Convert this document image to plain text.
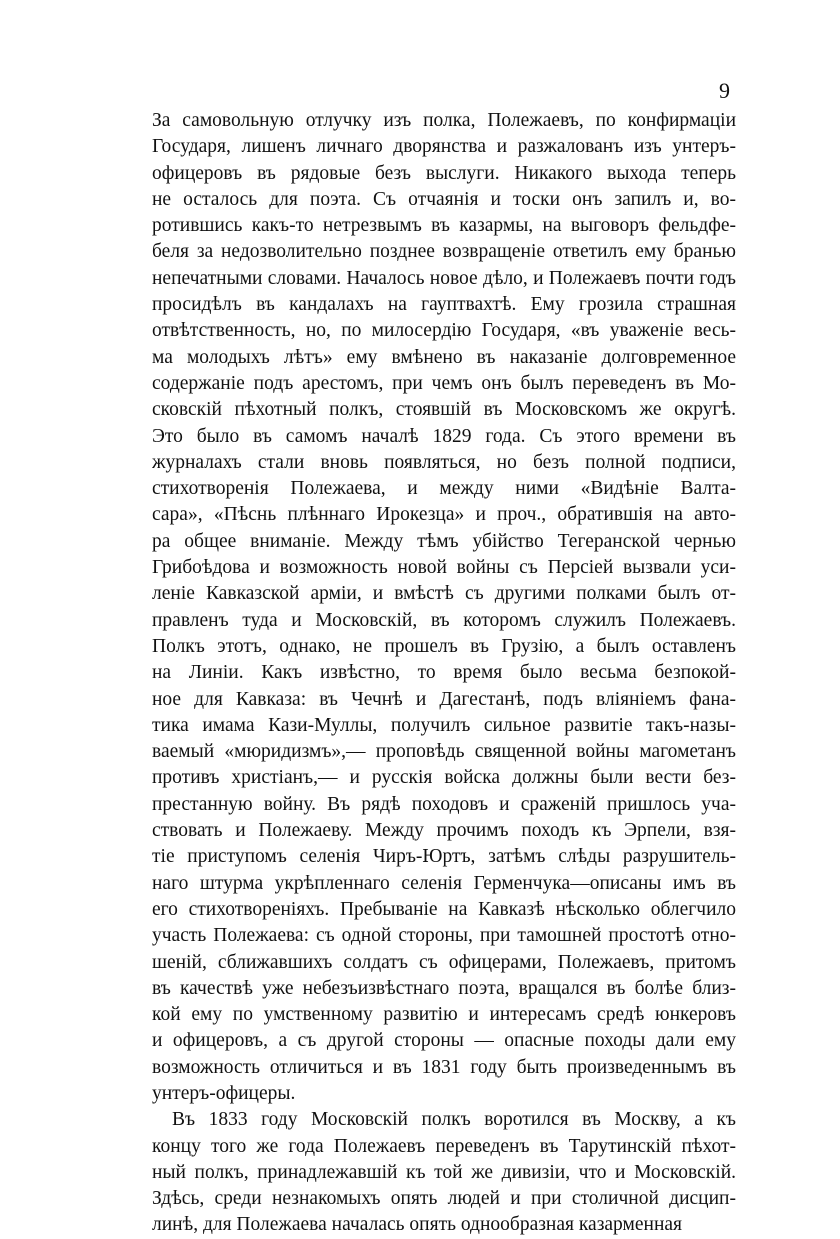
9
За самовольную отлучку изъ полка, Полежаевъ, по конфирмаціи
Государя, лишенъ личнаго дворянства и разжалованъ изъ унтеръ-
офицеровъ въ рядовые безъ выслуги. Никакого выхода теперь
не осталось для поэта. Съ отчаянія и тоски онъ запилъ и, во-
ротившись какъ-то нетрезвымъ въ казармы, на выговоръ фельдфе-
беля за недозволительно позднее возвращеніе ответилъ ему бранью
непечатными словами. Началось новое дѣло, и Полежаевъ почти годъ
просидѣлъ въ кандалахъ на гауптвахтѣ. Ему грозила страшная
отвѣтственность, но, по милосердію Государя, «въ уваженіе весь-
ма молодыхъ лѣтъ» ему вмѣнено въ наказаніе долговременное
содержаніе подъ арестомъ, при чемъ онъ былъ переведенъ въ Мо-
сковскій пѣхотный полкъ, стоявшій въ Московскомъ же округѣ.
Это было въ самомъ началѣ 1829 года. Съ этого времени въ
журналахъ стали вновь появляться, но безъ полной подписи,
стихотворенія Полежаева, и между ними «Видѣніе Валта-
сара», «Пѣснь плѣннаго Ирокезца» и проч., обратившія на авто-
ра общее вниманіе. Между тѣмъ убійство Тегеранской чернью
Грибоѣдова и возможность новой войны съ Персіей вызвали уси-
леніе Кавказской арміи, и вмѣстѣ съ другими полками былъ от-
правленъ туда и Московскій, въ которомъ служилъ Полежаевъ.
Полкъ этотъ, однако, не прошелъ въ Грузію, а былъ оставленъ
на Линіи. Какъ извѣстно, то время было весьма безпокой-
ное для Кавказа: въ Чечнѣ и Дагестанѣ, подъ вліяніемъ фана-
тика имама Кази-Муллы, получилъ сильное развитіе такъ-назы-
ваемый «мюридизмъ»,— проповѣдь священной войны магометанъ
противъ христіанъ,— и русскія войска должны были вести без-
престанную войну. Въ рядѣ походовъ и сраженій пришлось уча-
ствовать и Полежаеву. Между прочимъ походъ къ Эрпели, взя-
тіе приступомъ селенія Чиръ-Юртъ, затѣмъ слѣды разрушитель-
наго штурма укрѣпленнаго селенія Герменчука—описаны имъ въ
его стихотвореніяхъ. Пребываніе на Кавказѣ нѣсколько облегчило
участь Полежаева: съ одной стороны, при тамошней простотѣ отно-
шеній, сближавшихъ солдатъ съ офицерами, Полежаевъ, притомъ
въ качествѣ уже небезъизвѣстнаго поэта, вращался въ болѣе близ-
кой ему по умственному развитію и интересамъ средѣ юнкеровъ
и офицеровъ, а съ другой стороны — опасные походы дали ему
возможность отличиться и въ 1831 году быть произведеннымъ въ
унтеръ-офицеры.
Въ 1833 году Московскій полкъ воротился въ Москву, а къ
концу того же года Полежаевъ переведенъ въ Тарутинскій пѣхот-
ный полкъ, принадлежавшій къ той же дивизіи, что и Московскій.
Здѣсь, среди незнакомыхъ опять людей и при столичной дисцип-
линѣ, для Полежаева началась опять однообразная казарменная
